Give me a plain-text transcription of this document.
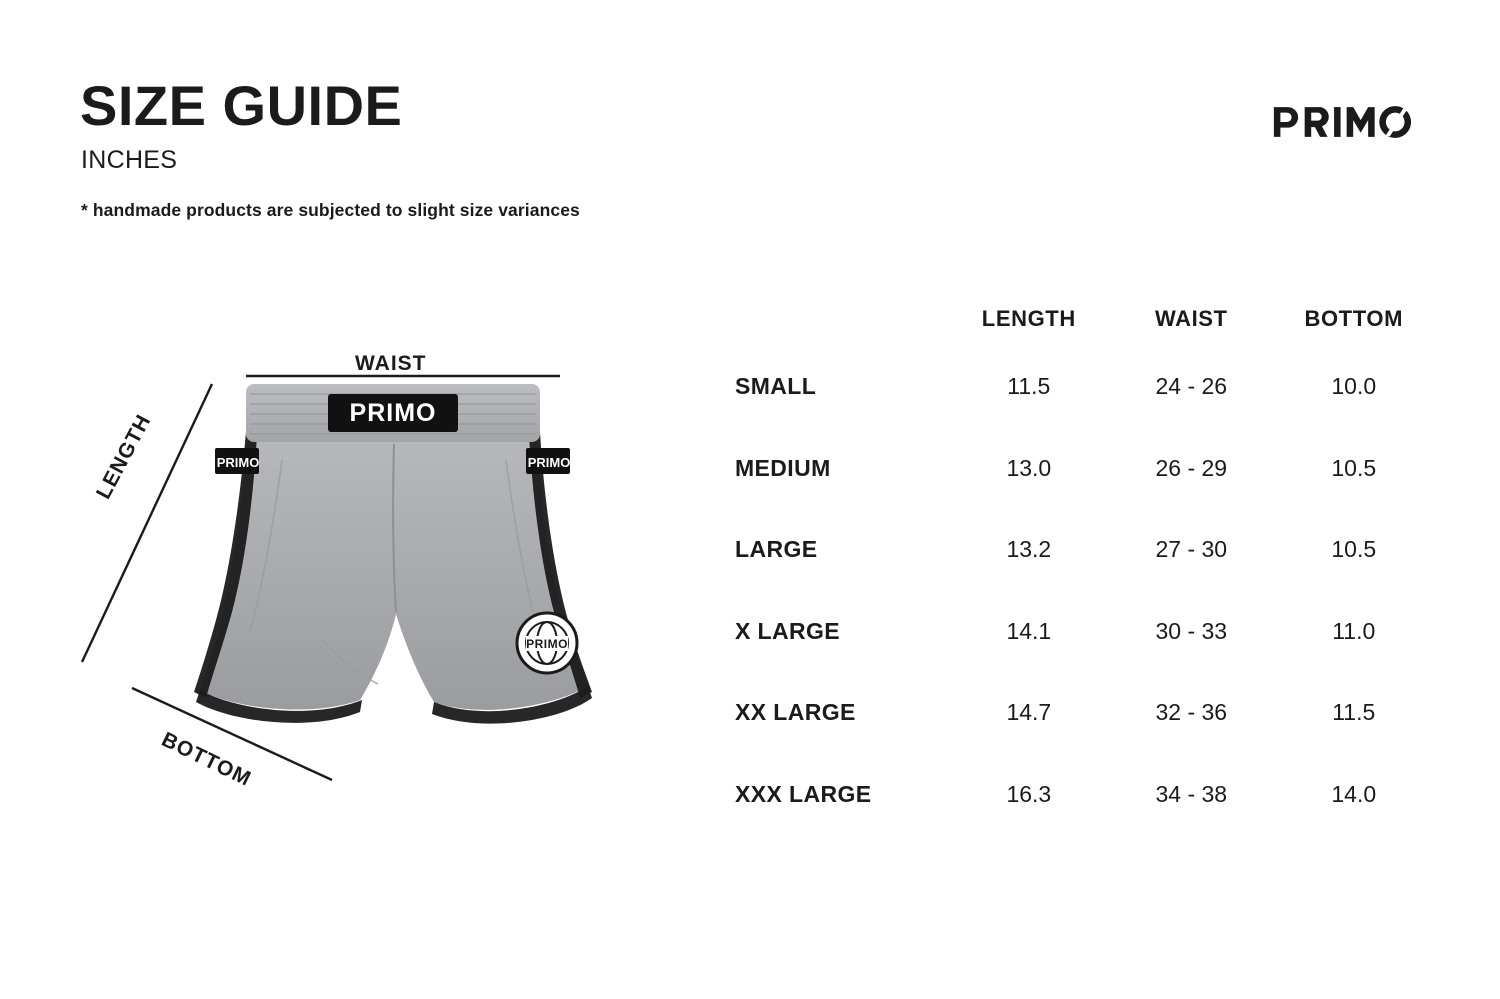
SIZE GUIDE
INCHES
* handmade products are subjected to slight size variances
PRIMO
PRIMO	PRIMO
PRIMO
WAIST
LENGTH
BOTTOM
	LENGTH	WAIST	BOTTOM
SMALL	11.5	24 - 26	10.0
MEDIUM	13.0	26 - 29	10.5
LARGE	13.2	27 - 30	10.5
X LARGE	14.1	30 - 33	11.0
XX LARGE	14.7	32 - 36	11.5
XXX LARGE	16.3	34 - 38	14.0
